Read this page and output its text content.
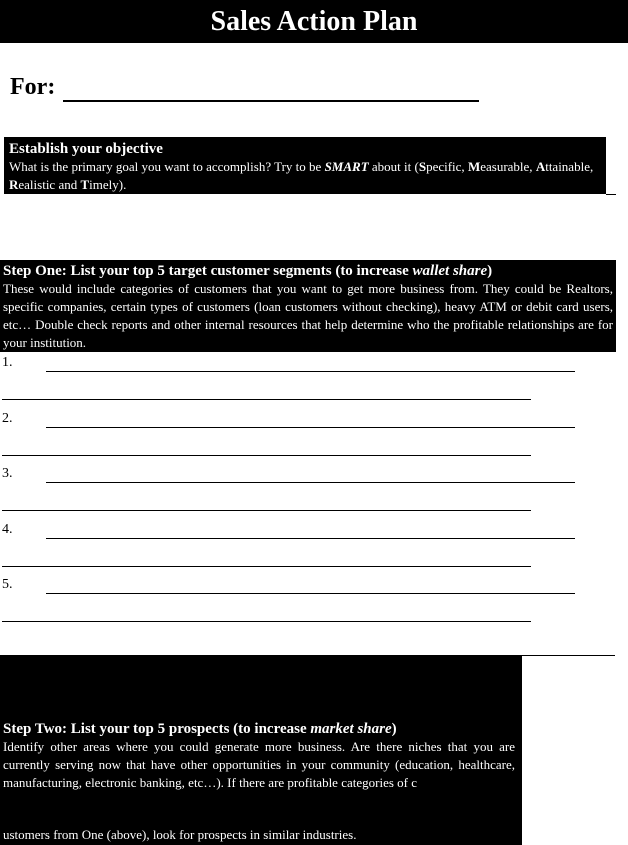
Sales Action Plan
For:
Establish your objective
What is the primary goal you want to accomplish? Try to be SMART about it (Specific, Measurable, Attainable, Realistic and Timely).
Step One: List your top 5 target customer segments (to increase wallet share)
These would include categories of customers that you want to get more business from. They could be Realtors, specific companies, certain types of customers (loan customers without checking), heavy ATM or debit card users, etc… Double check reports and other internal resources that help determine who the profitable relationships are for your institution.
1.
2.
3.
4.
5.
Step Two: List your top 5 prospects (to increase market share)
Identify other areas where you could generate more business. Are there niches that you are currently serving now that have other opportunities in your community (education, healthcare, manufacturing, electronic banking, etc…). If there are profitable categories of c
ustomers from One (above), look for prospects in similar industries.
